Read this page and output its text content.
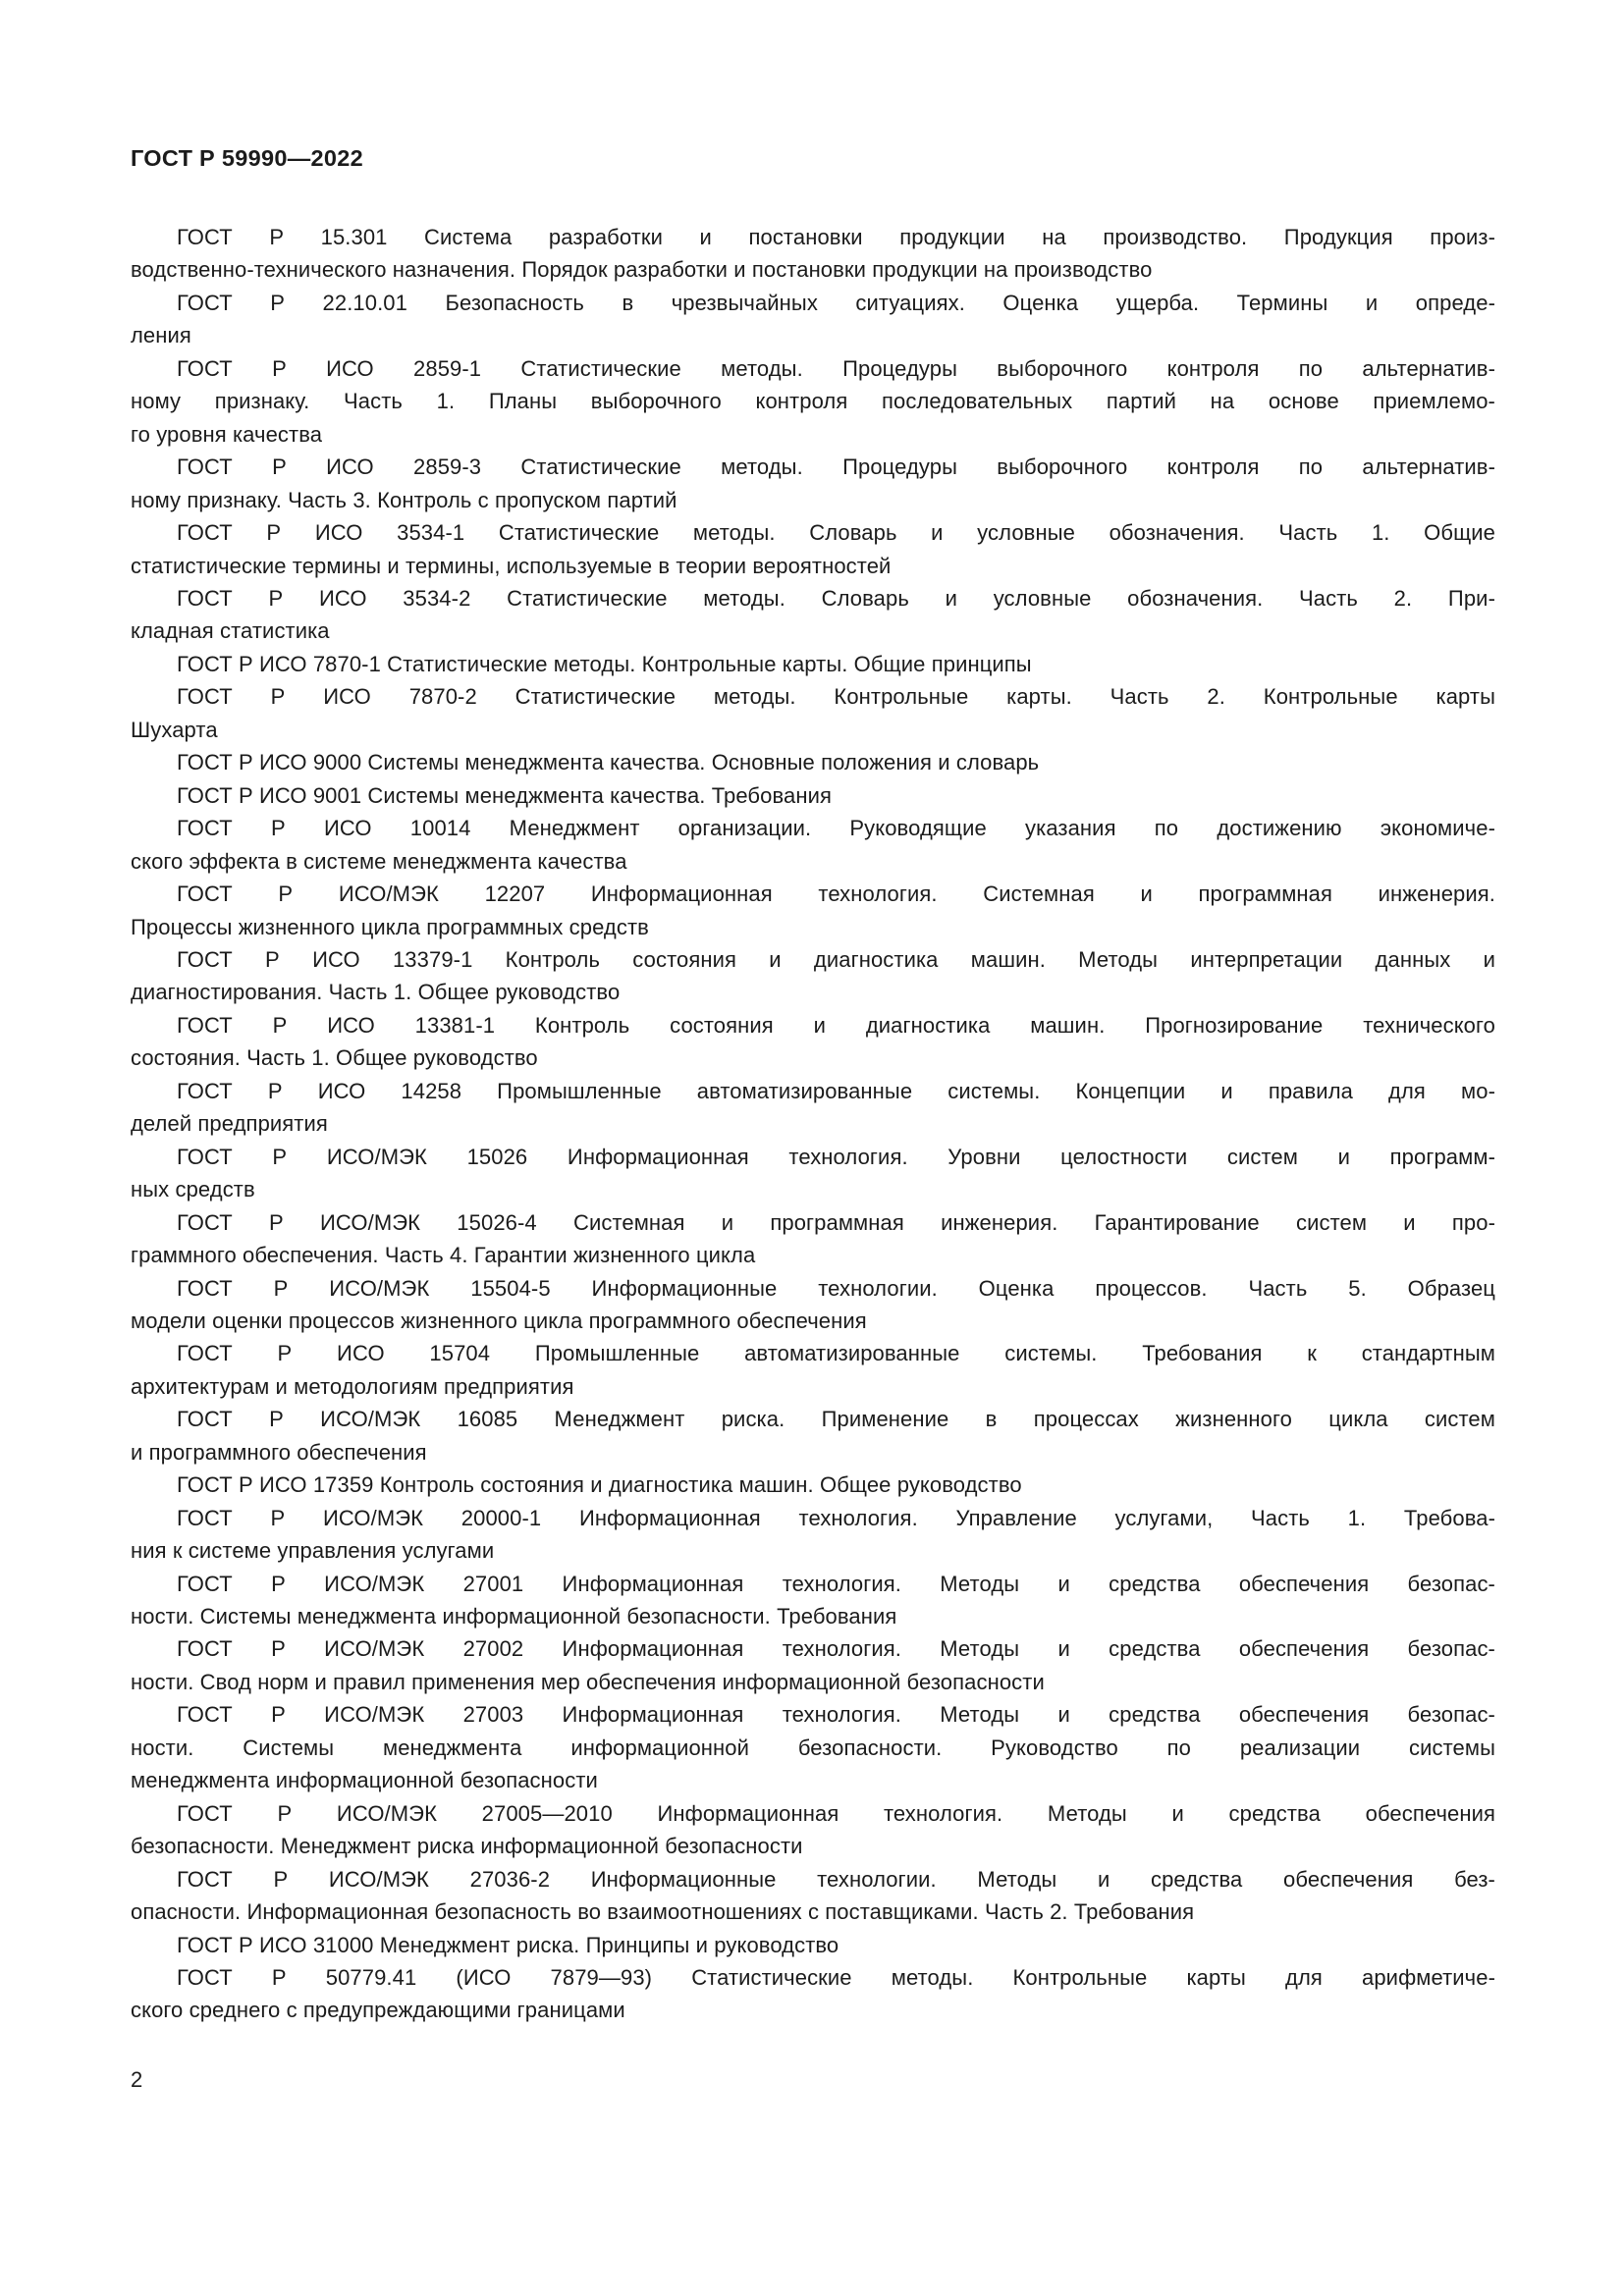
ГОСТ Р 59990—2022

ГОСТ Р 15.301 Система разработки и постановки продукции на производство. Продукция произ-
водственно-технического назначения. Порядок разработки и постановки продукции на производство

ГОСТ Р 22.10.01 Безопасность в чрезвычайных ситуациях. Оценка ущерба. Термины и опреде-
ления

ГОСТ Р ИСО 2859-1 Статистические методы. Процедуры выборочного контроля по альтернатив-
ному признаку. Часть 1. Планы выборочного контроля последовательных партий на основе приемлемо-
го уровня качества

ГОСТ Р ИСО 2859-3 Статистические методы. Процедуры выборочного контроля по альтернатив-
ному признаку. Часть 3. Контроль с пропуском партий

ГОСТ Р ИСО 3534-1 Статистические методы. Словарь и условные обозначения. Часть 1. Общие
статистические термины и термины, используемые в теории вероятностей

ГОСТ Р ИСО 3534-2 Статистические методы. Словарь и условные обозначения. Часть 2. При-
кладная статистика

ГОСТ Р ИСО 7870-1 Статистические методы. Контрольные карты. Общие принципы

ГОСТ Р ИСО 7870-2 Статистические методы. Контрольные карты. Часть 2. Контрольные карты
Шухарта

ГОСТ Р ИСО 9000 Системы менеджмента качества. Основные положения и словарь

ГОСТ Р ИСО 9001 Системы менеджмента качества. Требования

ГОСТ Р ИСО 10014 Менеджмент организации. Руководящие указания по достижению экономиче-
ского эффекта в системе менеджмента качества

ГОСТ Р ИСО/МЭК 12207 Информационная технология. Системная и программная инженерия.
Процессы жизненного цикла программных средств

ГОСТ Р ИСО 13379-1 Контроль состояния и диагностика машин. Методы интерпретации данных и
диагностирования. Часть 1. Общее руководство

ГОСТ Р ИСО 13381-1 Контроль состояния и диагностика машин. Прогнозирование технического
состояния. Часть 1. Общее руководство

ГОСТ Р ИСО 14258 Промышленные автоматизированные системы. Концепции и правила для мо-
делей предприятия

ГОСТ Р ИСО/МЭК 15026 Информационная технология. Уровни целостности систем и программ-
ных средств

ГОСТ Р ИСО/МЭК 15026-4 Системная и программная инженерия. Гарантирование систем и про-
граммного обеспечения. Часть 4. Гарантии жизненного цикла

ГОСТ Р ИСО/МЭК 15504-5 Информационные технологии. Оценка процессов. Часть 5. Образец
модели оценки процессов жизненного цикла программного обеспечения

ГОСТ Р ИСО 15704 Промышленные автоматизированные системы. Требования к стандартным
архитектурам и методологиям предприятия

ГОСТ Р ИСО/МЭК 16085 Менеджмент риска. Применение в процессах жизненного цикла систем
и программного обеспечения

ГОСТ Р ИСО 17359 Контроль состояния и диагностика машин. Общее руководство

ГОСТ Р ИСО/МЭК 20000-1 Информационная технология. Управление услугами, Часть 1. Требова-
ния к системе управления услугами

ГОСТ Р ИСО/МЭК 27001 Информационная технология. Методы и средства обеспечения безопас-
ности. Системы менеджмента информационной безопасности. Требования

ГОСТ Р ИСО/МЭК 27002 Информационная технология. Методы и средства обеспечения безопас-
ности. Свод норм и правил применения мер обеспечения информационной безопасности

ГОСТ Р ИСО/МЭК 27003 Информационная технология. Методы и средства обеспечения безопас-
ности. Системы менеджмента информационной безопасности. Руководство по реализации системы
менеджмента информационной безопасности

ГОСТ Р ИСО/МЭК 27005—2010 Информационная технология. Методы и средства обеспечения
безопасности. Менеджмент риска информационной безопасности

ГОСТ Р ИСО/МЭК 27036-2 Информационные технологии. Методы и средства обеспечения без-
опасности. Информационная безопасность во взаимоотношениях с поставщиками. Часть 2. Требования

ГОСТ Р ИСО 31000 Менеджмент риска. Принципы и руководство

ГОСТ Р 50779.41 (ИСО 7879—93) Статистические методы. Контрольные карты для арифметиче-
ского среднего с предупреждающими границами

2
